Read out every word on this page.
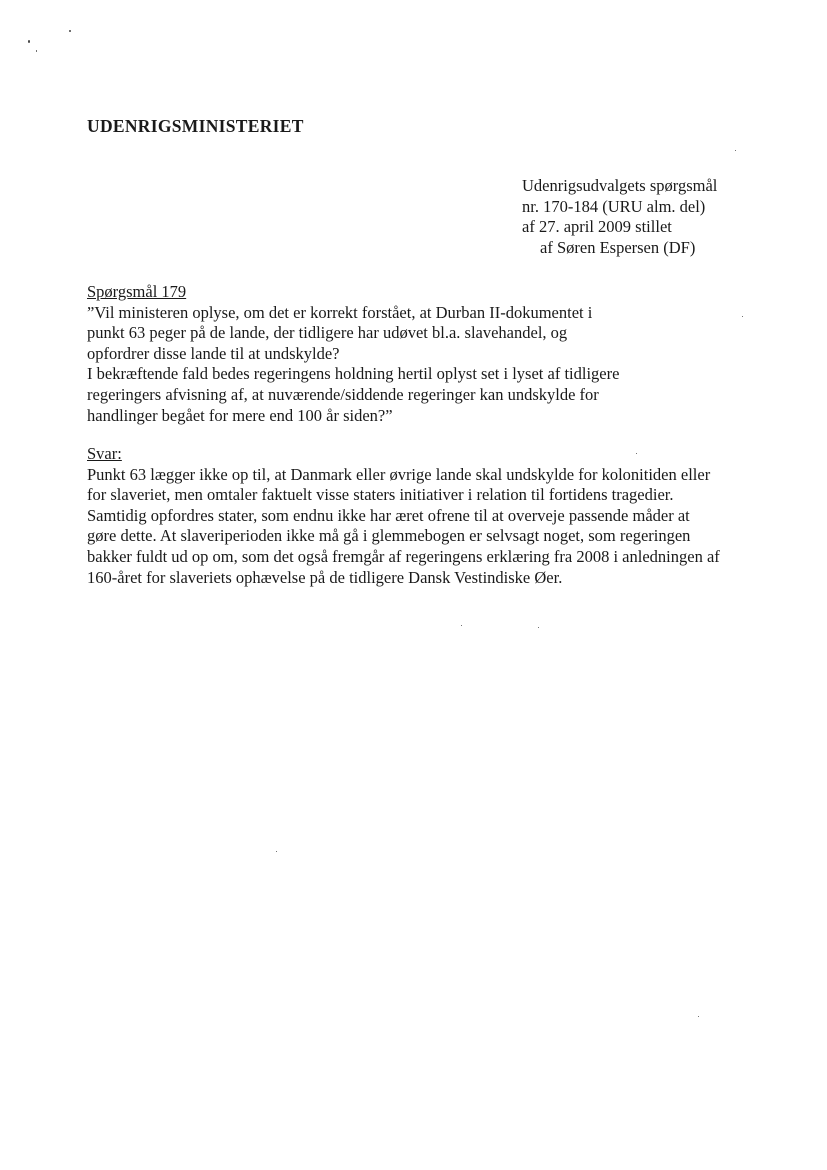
UDENRIGSMINISTERIET
Udenrigsudvalgets spørgsmål
nr. 170-184 (URU alm. del)
af 27. april 2009 stillet
af Søren Espersen (DF)
Spørgsmål 179
”Vil ministeren oplyse, om det er korrekt forstået, at Durban II-dokumentet i
punkt 63 peger på de lande, der tidligere har udøvet bl.a. slavehandel, og
opfordrer disse lande til at undskylde?
I bekræftende fald bedes regeringens holdning hertil oplyst set i lyset af tidligere
regeringers afvisning af, at nuværende/siddende regeringer kan undskylde for
handlinger begået for mere end 100 år siden?”
Svar:
Punkt 63 lægger ikke op til, at Danmark eller øvrige lande skal undskylde for kolonitiden eller
for slaveriet, men omtaler faktuelt visse staters initiativer i relation til fortidens tragedier.
Samtidig opfordres stater, som endnu ikke har æret ofrene til at overveje passende måder at
gøre dette. At slaveriperioden ikke må gå i glemmebogen er selvsagt noget, som regeringen
bakker fuldt ud op om, som det også fremgår af regeringens erklæring fra 2008 i anledningen af
160-året for slaveriets ophævelse på de tidligere Dansk Vestindiske Øer.
